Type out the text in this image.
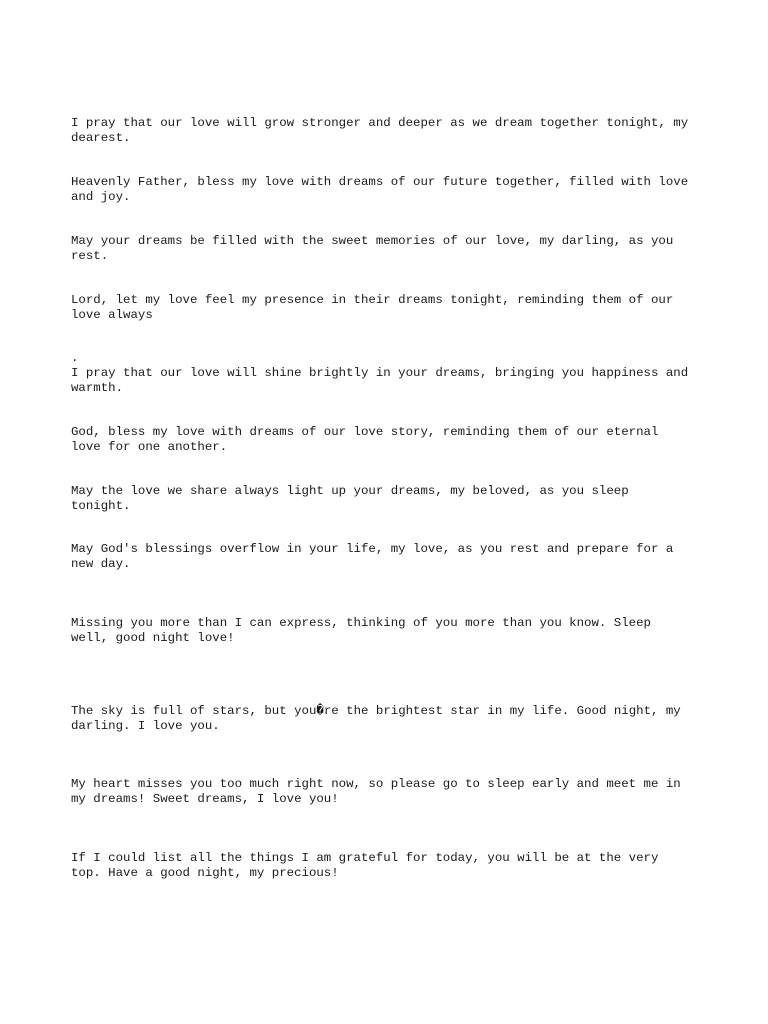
I pray that our love will grow stronger and deeper as we dream together tonight, my
dearest.

Heavenly Father, bless my love with dreams of our future together, filled with love
and joy.

May your dreams be filled with the sweet memories of our love, my darling, as you
rest.

Lord, let my love feel my presence in their dreams tonight, reminding them of our
love always

.
I pray that our love will shine brightly in your dreams, bringing you happiness and
warmth.

God, bless my love with dreams of our love story, reminding them of our eternal
love for one another.

May the love we share always light up your dreams, my beloved, as you sleep
tonight.

May God's blessings overflow in your life, my love, as you rest and prepare for a
new day.

Missing you more than I can express, thinking of you more than you know. Sleep
well, good night love!

The sky is full of stars, but you�re the brightest star in my life. Good night, my
darling. I love you.

My heart misses you too much right now, so please go to sleep early and meet me in
my dreams! Sweet dreams, I love you!

If I could list all the things I am grateful for today, you will be at the very
top. Have a good night, my precious!
